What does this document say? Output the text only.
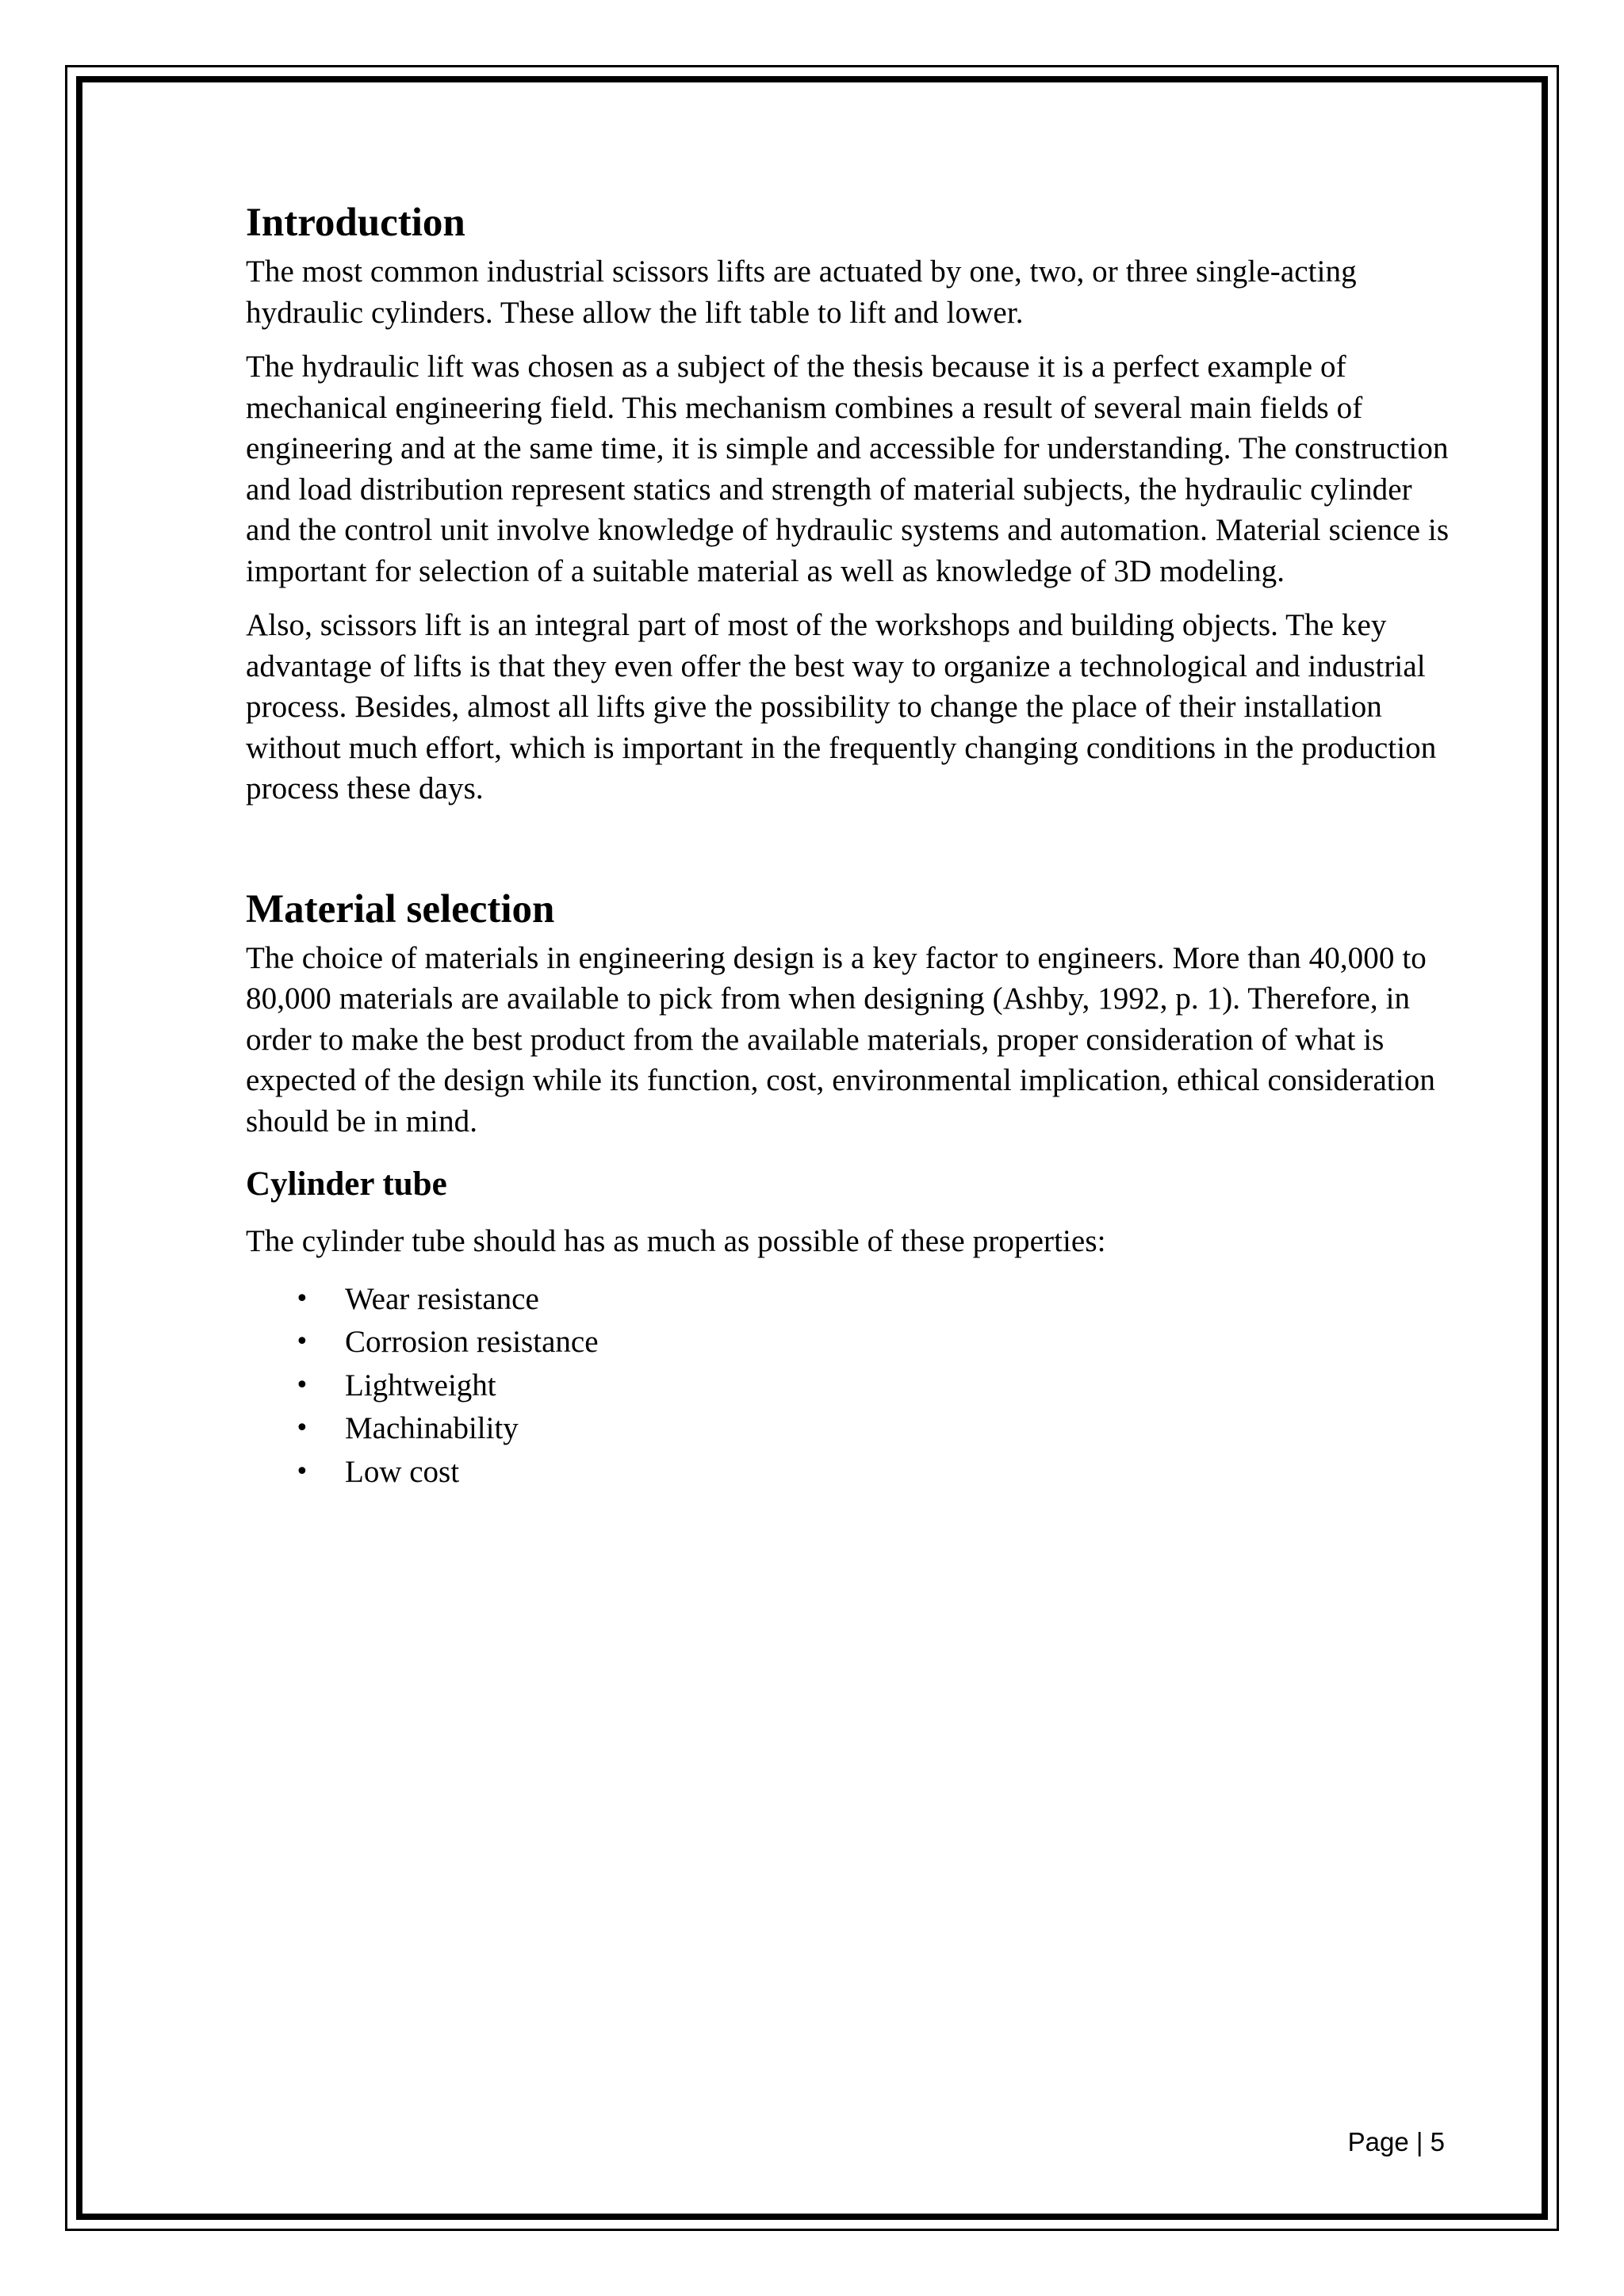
Introduction

The most common industrial scissors lifts are actuated by one, two, or three single-acting hydraulic cylinders. These allow the lift table to lift and lower.

The hydraulic lift was chosen as a subject of the thesis because it is a perfect example of mechanical engineering field. This mechanism combines a result of several main fields of engineering and at the same time, it is simple and accessible for understanding. The construction and load distribution represent statics and strength of material subjects, the hydraulic cylinder and the control unit involve knowledge of hydraulic systems and automation. Material science is important for selection of a suitable material as well as knowledge of 3D modeling.

Also, scissors lift is an integral part of most of the workshops and building objects. The key advantage of lifts is that they even offer the best way to organize a technological and industrial process. Besides, almost all lifts give the possibility to change the place of their installation without much effort, which is important in the frequently changing conditions in the production process these days.

Material selection

The choice of materials in engineering design is a key factor to engineers. More than 40,000 to 80,000 materials are available to pick from when designing (Ashby, 1992, p. 1). Therefore, in order to make the best product from the available materials, proper consideration of what is expected of the design while its function, cost, environmental implication, ethical consideration should be in mind.

Cylinder tube

The cylinder tube should has as much as possible of these properties:

• Wear resistance
• Corrosion resistance
• Lightweight
• Machinability
• Low cost
Page | 5
